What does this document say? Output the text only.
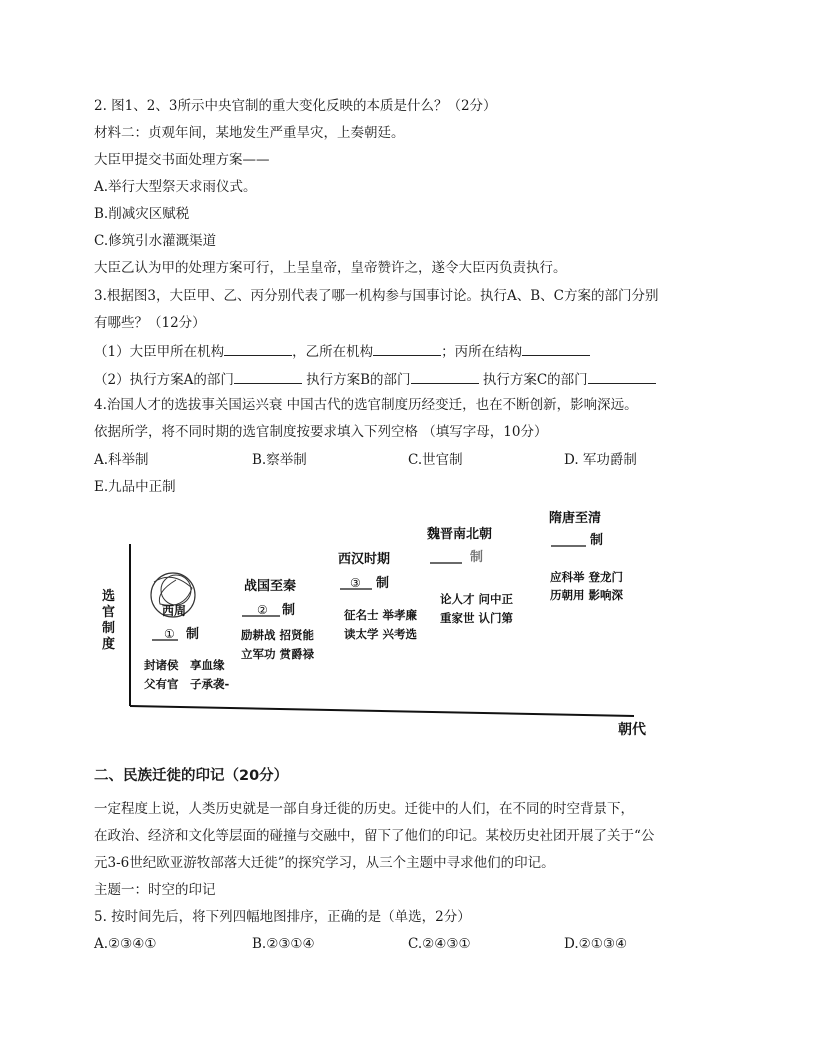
2. 图1、2、3所示中央官制的重大变化反映的本质是什么？（2分）
材料二：贞观年间，某地发生严重旱灾，上奏朝廷。
大臣甲提交书面处理方案——
A.举行大型祭天求雨仪式。
B.削减灾区赋税
C.修筑引水灌溉渠道
大臣乙认为甲的处理方案可行，上呈皇帝，皇帝赞许之，遂令大臣丙负责执行。
3.根据图3，大臣甲、乙、丙分别代表了哪一机构参与国事讨论。执行A、B、C方案的部门分别
有哪些？（12分）
（1）大臣甲所在机构	，乙所在机构	；丙所在结构
（2）执行方案A的部门	执行方案B的部门	执行方案C的部门
4.治国人才的选拔事关国运兴衰 中国古代的选官制度历经变迁，也在不断创新，影响深远。
依据所学，将不同时期的选官制度按要求填入下列空格 （填写字母，10分）
A.科举制	B.察举制	C.世官制	D. 军功爵制
E.九品中正制
选
官
制
度
朝代
西周
① 制
封诸侯　享血缘
父有官　子承袭-
战国至秦
② 制
励耕战 招贤能
立军功 赏爵禄
西汉时期
③ 制
征名士 举孝廉
读太学 兴考选
魏晋南北朝
制
论人才 问中正
重家世 认门第
隋唐至清
制
应科举 登龙门
历朝用 影响深
二、民族迁徙的印记（20分）
一定程度上说，人类历史就是一部自身迁徙的历史。迁徙中的人们，在不同的时空背景下，
在政治、经济和文化等层面的碰撞与交融中，留下了他们的印记。某校历史社团开展了关于“公
元3-6世纪欧亚游牧部落大迁徙”的探究学习，从三个主题中寻求他们的印记。
主题一：时空的印记
5. 按时间先后，将下列四幅地图排序，正确的是（单选，2分）
A.②③④①	B.②③①④	C.②④③①	D.②①③④
